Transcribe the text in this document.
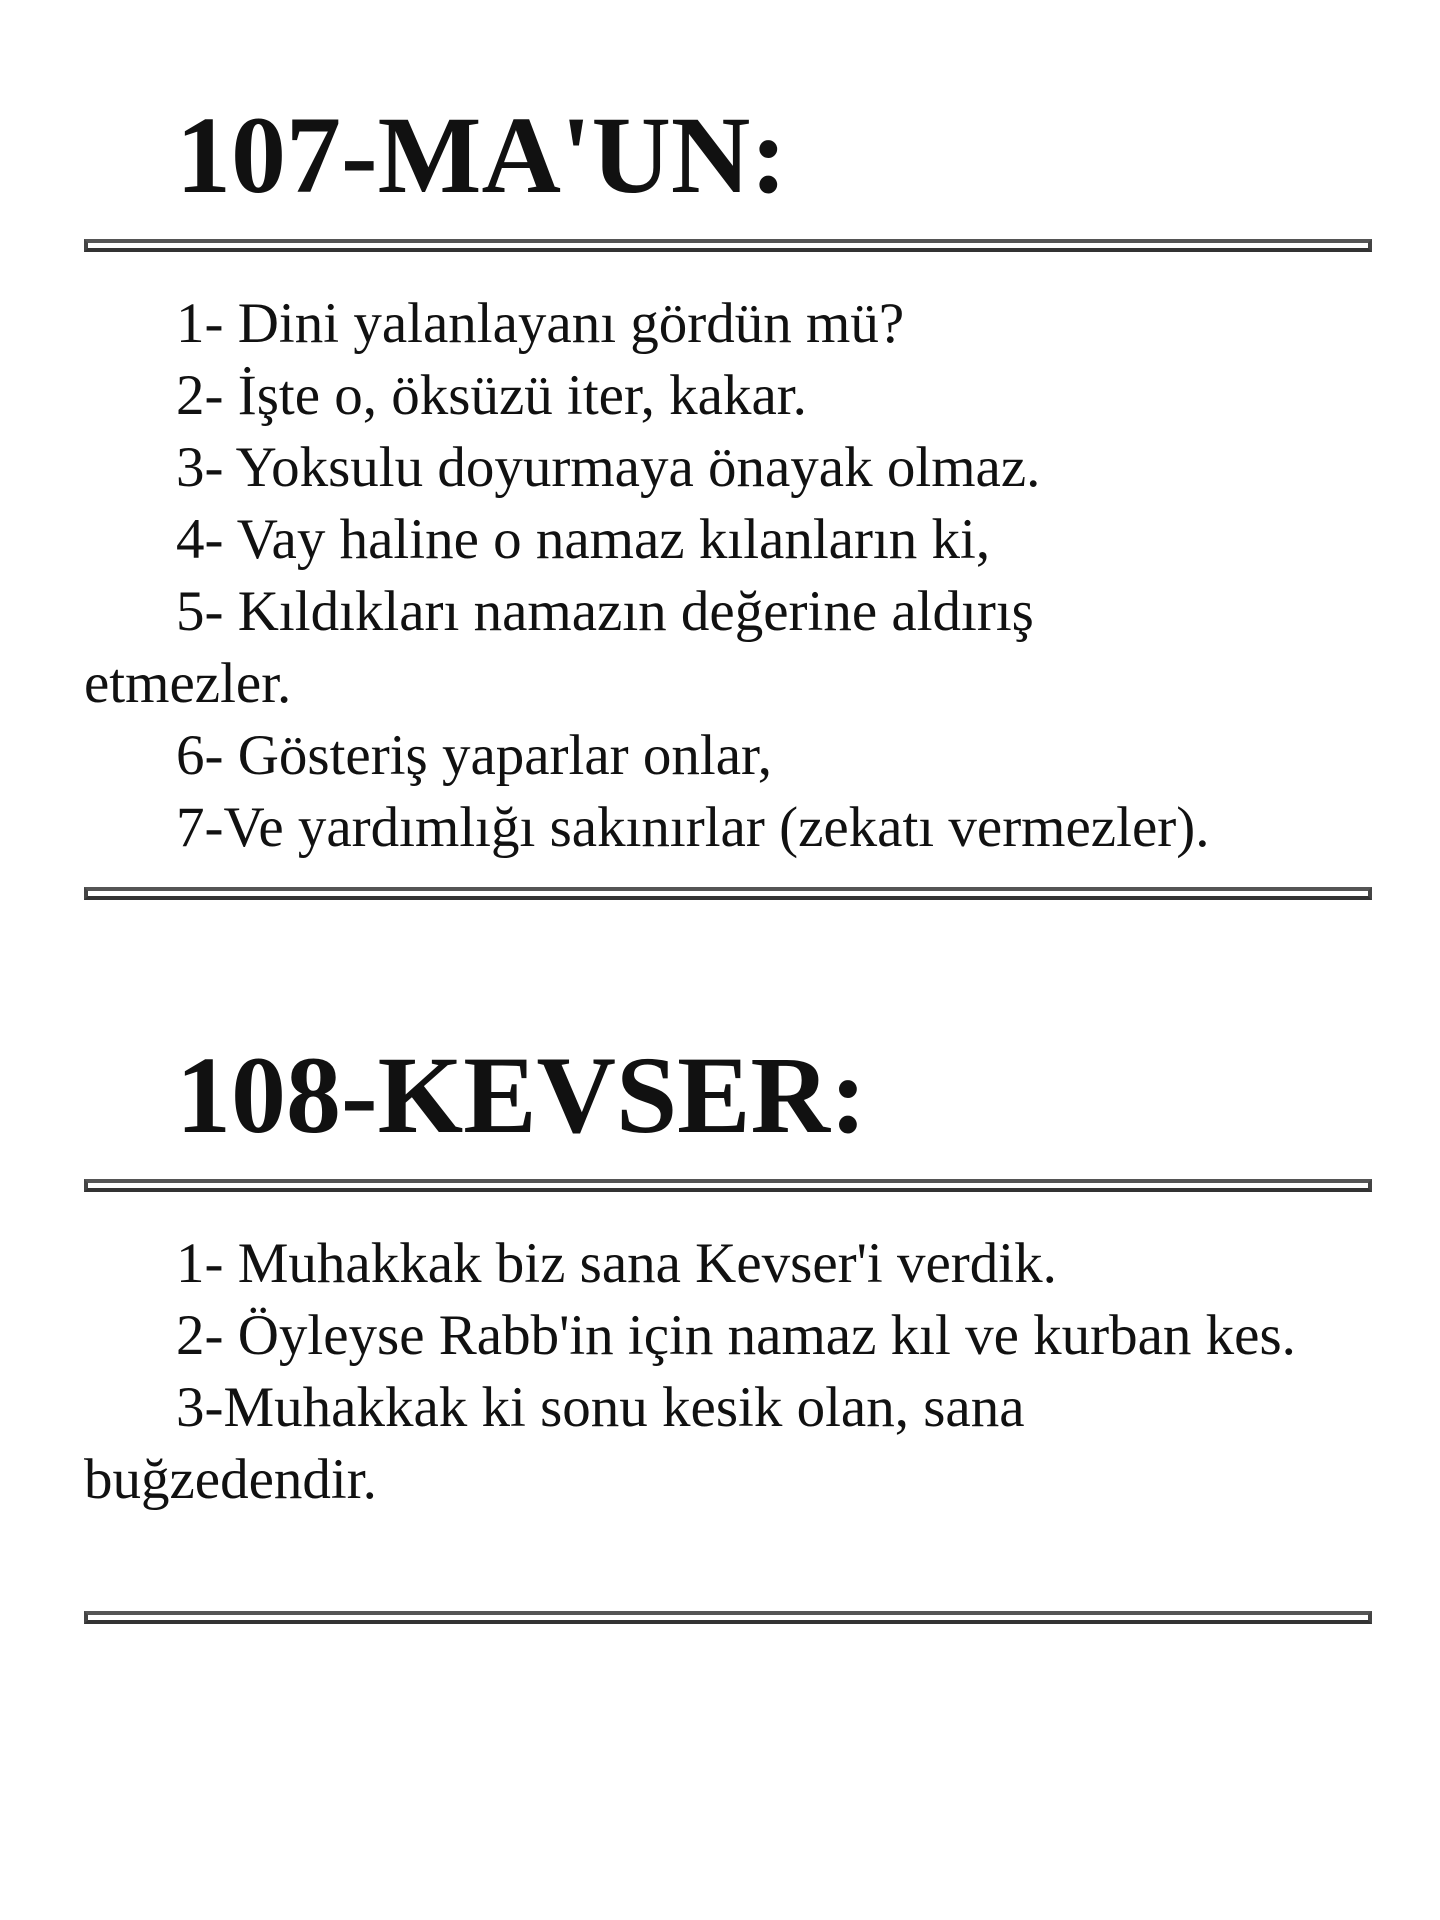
107-MA'UN:
1- Dini yalanlayanı gördün mü?
2- İşte o, öksüzü iter, kakar.
3- Yoksulu doyurmaya önayak olmaz.
4- Vay haline o namaz kılanların ki,
5- Kıldıkları namazın değerine aldırış etmezler.
6- Gösteriş yaparlar onlar,
7-Ve yardımlığı sakınırlar (zekatı vermezler).
108-KEVSER:
1- Muhakkak biz sana Kevser'i verdik.
2- Öyleyse Rabb'in için namaz kıl ve kurban kes.
3-Muhakkak ki sonu kesik olan, sana buğzedendir.
